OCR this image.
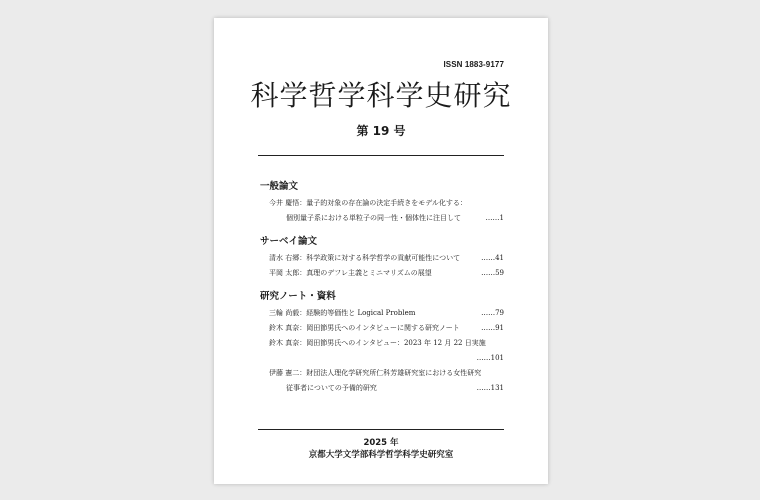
ISSN 1883-9177
科学哲学科学史研究
第 19 号
一般論文
今井 慶悟：量子的対象の存在論の決定手続きをモデル化する：
個別量子系における単粒子の同一性・個体性に注目して	……1
サーベイ論文
清水 右郷：科学政策に対する科学哲学の貢献可能性について	……41
平岡 太郎：真理のデフレ主義とミニマリズムの展望	……59
研究ノート・資料
三輪 尚毅：経験的等価性と Logical Problem	……79
鈴木 真奈：岡田節男氏へのインタビューに関する研究ノート	……91
鈴木 真奈：岡田節男氏へのインタビュー：2023 年 12 月 22 日実施
……101
伊藤 憲二：財団法人理化学研究所仁科芳雄研究室における女性研究
従事者についての予備的研究	……131
2025 年
京都大学文学部科学哲学科学史研究室
